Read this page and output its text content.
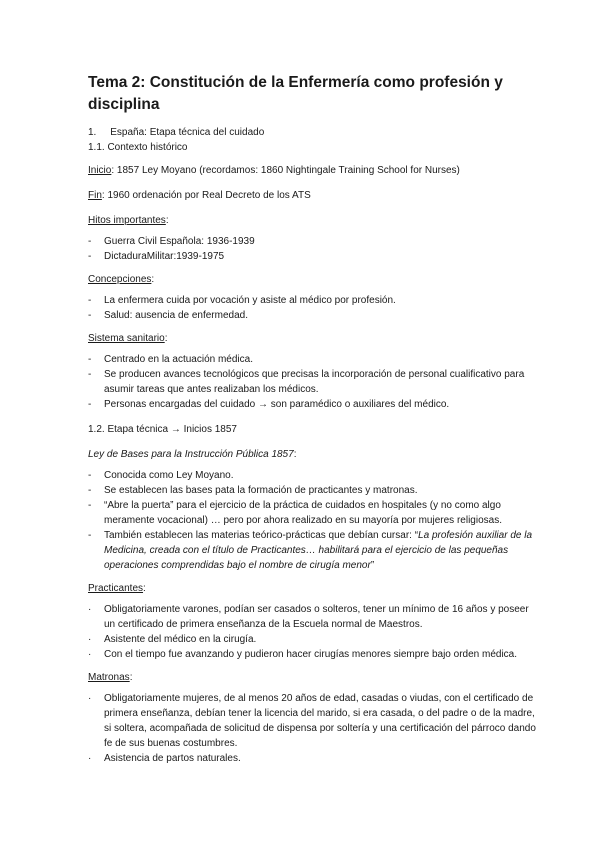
Tema 2: Constitución de la Enfermería como profesión y disciplina

1. España: Etapa técnica del cuidado

1.1. Contexto histórico

Inicio: 1857 Ley Moyano (recordamos: 1860 Nightingale Training School for Nurses)

Fin: 1960 ordenación por Real Decreto de los ATS

Hitos importantes:

- Guerra Civil Española: 1936-1939
- DictaduraMilitar:1939-1975

Concepciones:

- La enfermera cuida por vocación y asiste al médico por profesión.
- Salud: ausencia de enfermedad.

Sistema sanitario:

- Centrado en la actuación médica.
- Se producen avances tecnológicos que precisas la incorporación de personal cualificativo para asumir tareas que antes realizaban los médicos.
- Personas encargadas del cuidado → son paramédico o auxiliares del médico.

1.2. Etapa técnica → Inicios 1857

Ley de Bases para la Instrucción Pública 1857:

- Conocida como Ley Moyano.
- Se establecen las bases pata la formación de practicantes y matronas.
- “Abre la puerta” para el ejercicio de la práctica de cuidados en hospitales (y no como algo meramente vocacional) … pero por ahora realizado en su mayoría por mujeres religiosas.
- También establecen las materias teórico-prácticas que debían cursar: “La profesión auxiliar de la Medicina, creada con el título de Practicantes… habilitará para el ejercicio de las pequeñas operaciones comprendidas bajo el nombre de cirugía menor”

Practicantes:

· Obligatoriamente varones, podían ser casados o solteros, tener un mínimo de 16 años y poseer un certificado de primera enseñanza de la Escuela normal de Maestros.
· Asistente del médico en la cirugía.
· Con el tiempo fue avanzando y pudieron hacer cirugías menores siempre bajo orden médica.

Matronas:

· Obligatoriamente mujeres, de al menos 20 años de edad, casadas o viudas, con el certificado de primera enseñanza, debían tener la licencia del marido, si era casada, o del padre o de la madre, si soltera, acompañada de solicitud de dispensa por soltería y una certificación del párroco dando fe de sus buenas costumbres.
· Asistencia de partos naturales.
